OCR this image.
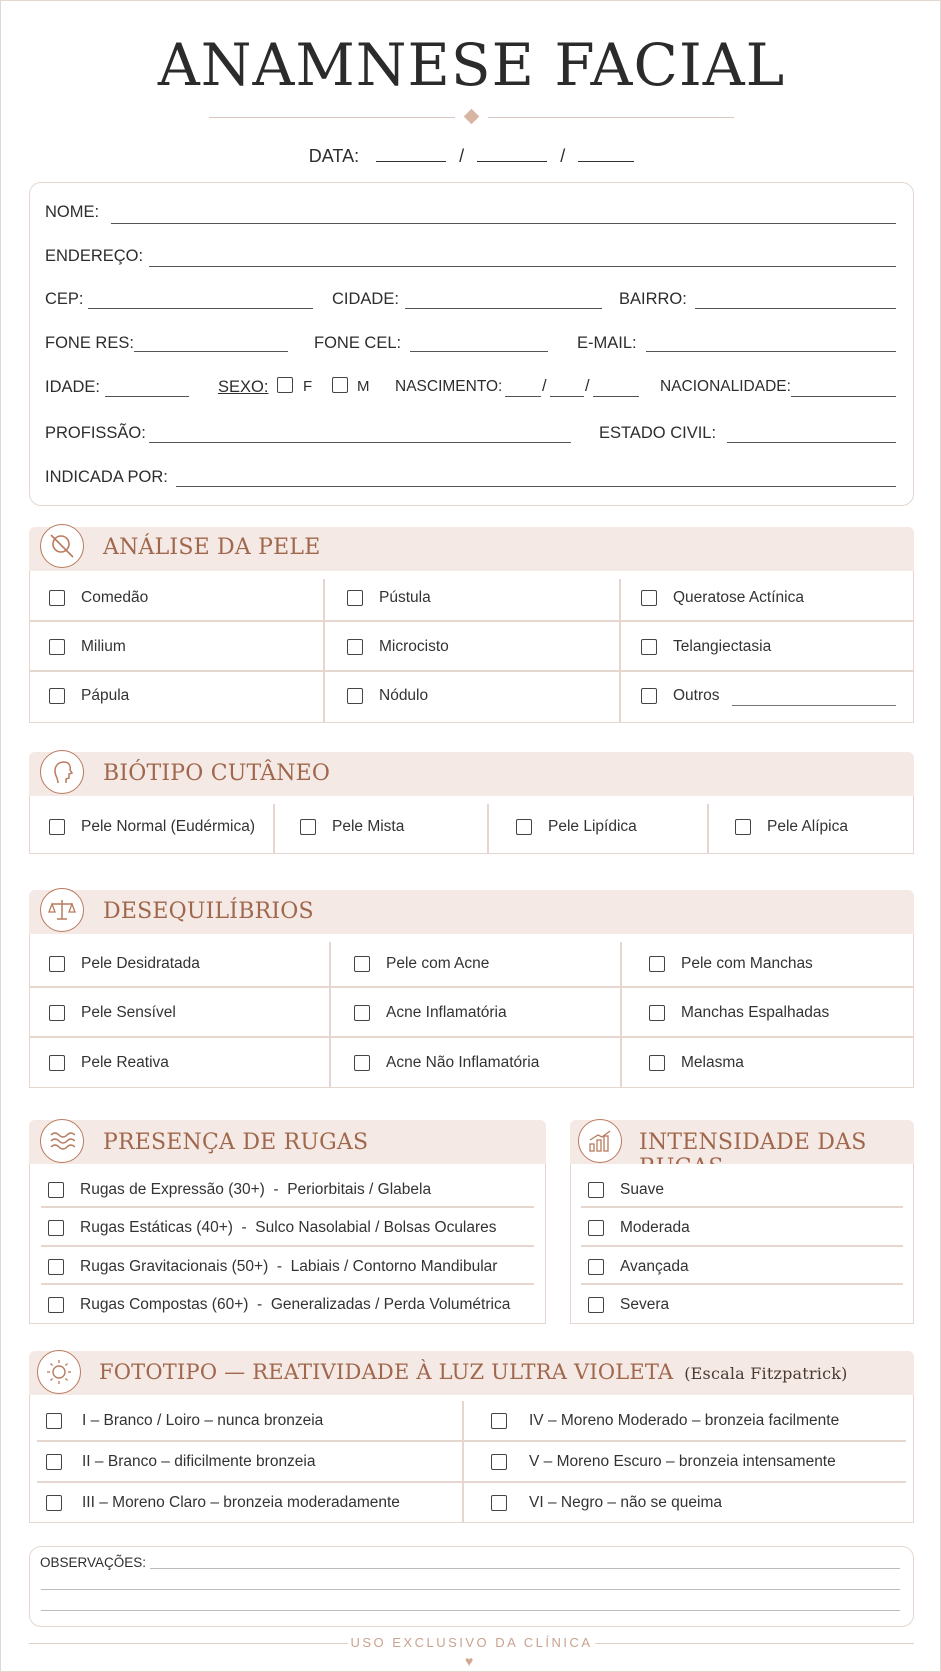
ANAMNESE FACIAL
DATA:	/	/
NOME:
ENDEREÇO:
CEP:	CIDADE:	BAIRRO:
FONE RES:	FONE CEL:	E-MAIL:
IDADE:	SEXO: F	M NASCIMENTO: / /	NACIONALIDADE:
PROFISSÃO:	ESTADO CIVIL:
INDICADA POR:
ANÁLISE DA PELE
Comedão	Pústula	Queratose Actínica
Milium	Microcisto	Telangiectasia
Pápula	Nódulo	Outros
BIÓTIPO CUTÂNEO
Pele Normal (Eudérmica)	Pele Mista	Pele Lipídica	Pele Alípica
DESEQUILÍBRIOS
Pele Desidratada	Pele com Acne	Pele com Manchas
Pele Sensível	Acne Inflamatória	Manchas Espalhadas
Pele Reativa	Acne Não Inflamatória	Melasma
PRESENÇA DE RUGAS
Rugas de Expressão (30+)  -  Periorbitais / Glabela
Rugas Estáticas (40+)  -  Sulco Nasolabial / Bolsas Oculares
Rugas Gravitacionais (50+)  -  Labiais / Contorno Mandibular
Rugas Compostas (60+)  -  Generalizadas / Perda Volumétrica
INTENSIDADE DAS
Suave
Moderada
Avançada
Severa
FOTOTIPO — REATIVIDADE À LUZ ULTRA VIOLETA (Escala Fitzpatrick)
I – Branco / Loiro – nunca bronzeia	IV – Moreno Moderado – bronzeia facilmente
II – Branco – dificilmente bronzeia	V – Moreno Escuro – bronzeia intensamente
III – Moreno Claro – bronzeia moderadamente	VI – Negro – não se queima
OBSERVAÇÕES:
USO EXCLUSIVO DA CLÍNICA
♥
